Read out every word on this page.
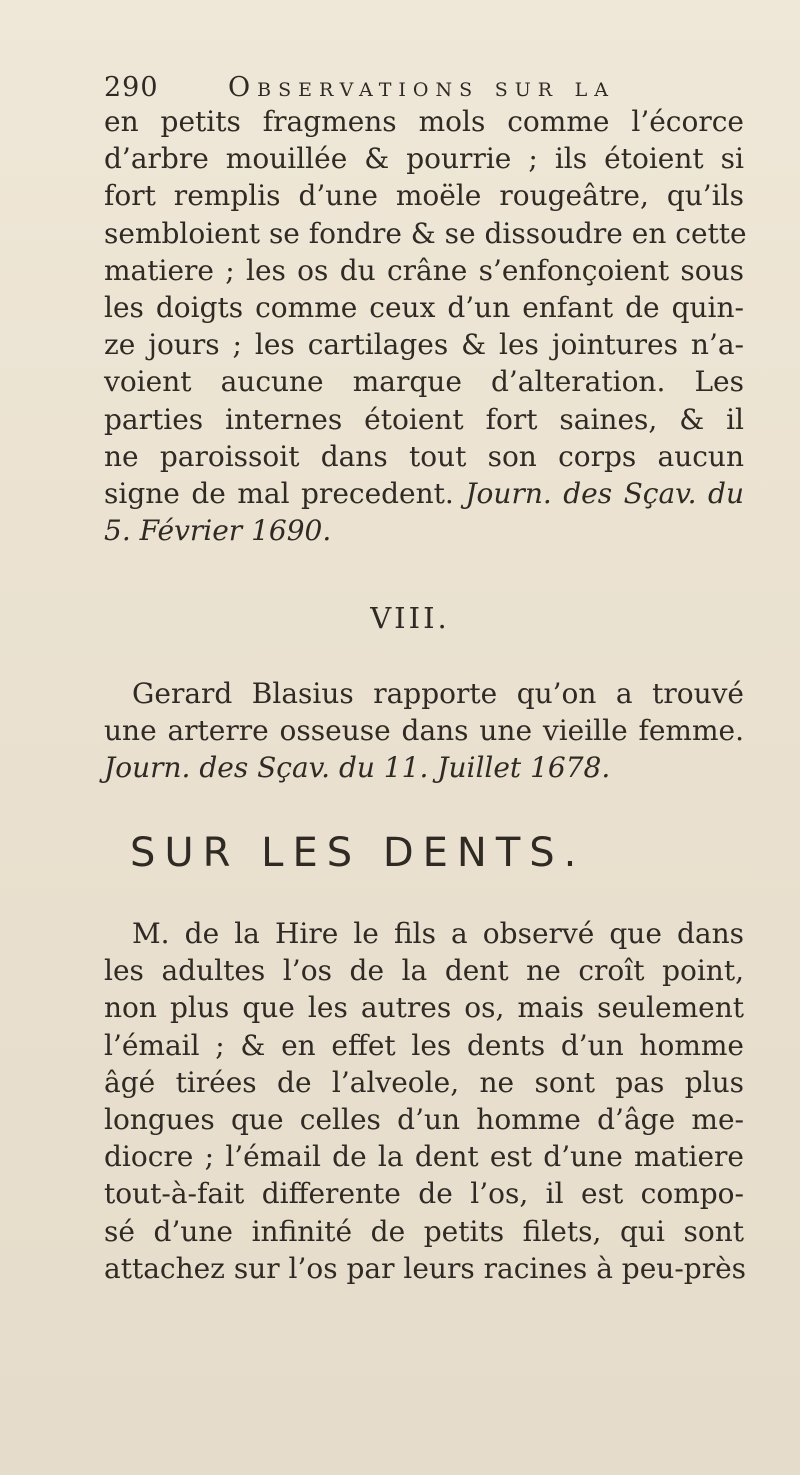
290	Observations sur la
en petits fragmens mols comme l’écorce
d’arbre mouillée & pourrie ; ils étoient si
fort remplis d’une moële rougeâtre, qu’ils
sembloient se fondre & se dissoudre en cette
matiere ; les os du crâne s’enfonçoient sous
les doigts comme ceux d’un enfant de quin-
ze jours ; les cartilages & les jointures n’a-
voient aucune marque d’alteration. Les
parties internes étoient fort saines, & il
ne paroissoit dans tout son corps aucun
signe de mal precedent. Journ. des Sçav. du
5. Février 1690.
VIII.
Gerard Blasius rapporte qu’on a trouvé
une arterre osseuse dans une vieille femme.
Journ. des Sçav. du 11. Juillet 1678.
SUR LES DENTS.
M. de la Hire le fils a observé que dans
les adultes l’os de la dent ne croît point,
non plus que les autres os, mais seulement
l’émail ; & en effet les dents d’un homme
âgé tirées de l’alveole, ne sont pas plus
longues que celles d’un homme d’âge me-
diocre ; l’émail de la dent est d’une matiere
tout-à-fait differente de l’os, il est compo-
sé d’une infinité de petits filets, qui sont
attachez sur l’os par leurs racines à peu-près
